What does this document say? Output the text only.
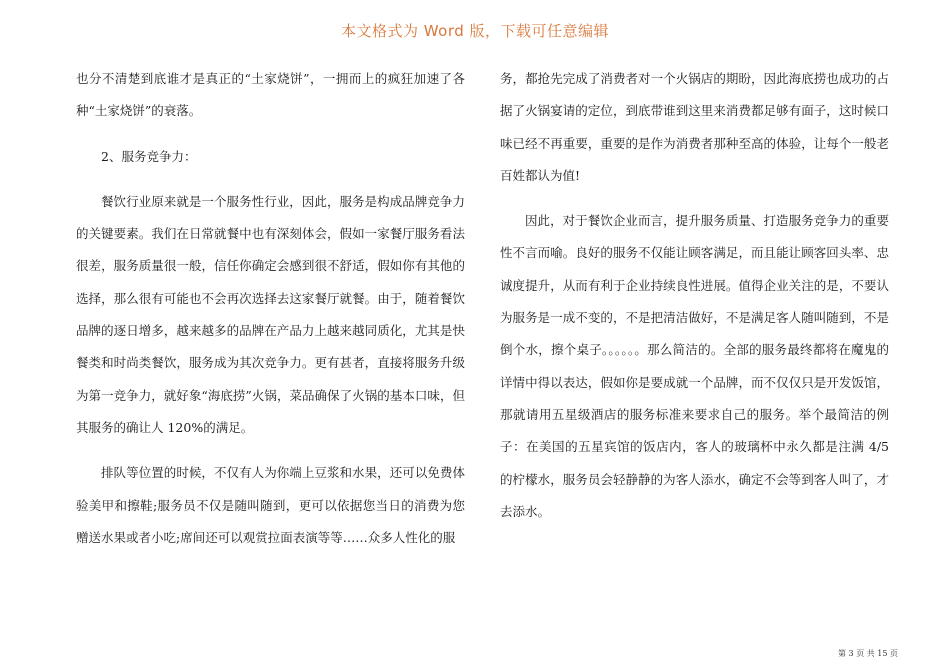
本文格式为 Word 版，下载可任意编辑

也分不清楚到底谁才是真正的“土家烧饼”，一拥而上的疯狂加速了各种“土家烧饼”的衰落。

2、服务竞争力：

餐饮行业原来就是一个服务性行业，因此，服务是构成品牌竞争力的关键要素。我们在日常就餐中也有深刻体会，假如一家餐厅服务看法很差，服务质量很一般，信任你确定会感到很不舒适，假如你有其他的选择，那么很有可能也不会再次选择去这家餐厅就餐。由于，随着餐饮品牌的逐日增多，越来越多的品牌在产品力上越来越同质化，尤其是快餐类和时尚类餐饮，服务成为其次竞争力。更有甚者，直接将服务升级为第一竞争力，就好象“海底捞”火锅，菜品确保了火锅的基本口味，但其服务的确让人 120%的满足。

排队等位置的时候，不仅有人为你端上豆浆和水果，还可以免费体验美甲和擦鞋;服务员不仅是随叫随到，更可以依据您当日的消费为您赠送水果或者小吃;席间还可以观赏拉面表演等等……众多人性化的服

务，都抢先完成了消费者对一个火锅店的期盼，因此海底捞也成功的占据了火锅宴请的定位，到底带谁到这里来消费都足够有面子，这时候口味已经不再重要，重要的是作为消费者那种至高的体验，让每个一般老百姓都认为值!

因此，对于餐饮企业而言，提升服务质量、打造服务竞争力的重要性不言而喻。良好的服务不仅能让顾客满足，而且能让顾客回头率、忠诚度提升，从而有利于企业持续良性进展。值得企业关注的是，不要认为服务是一成不变的，不是把清洁做好，不是满足客人随叫随到，不是倒个水，擦个桌子。。。。。。那么简洁的。全部的服务最终都将在魔鬼的详情中得以表达，假如你是要成就一个品牌，而不仅仅只是开发饭馆，那就请用五星级酒店的服务标准来要求自己的服务。举个最简洁的例子：在美国的五星宾馆的饭店内，客人的玻璃杯中永久都是注满 4/5 的柠檬水，服务员会轻静静的为客人添水，确定不会等到客人叫了，才去添水。

第 3 页 共 15 页
